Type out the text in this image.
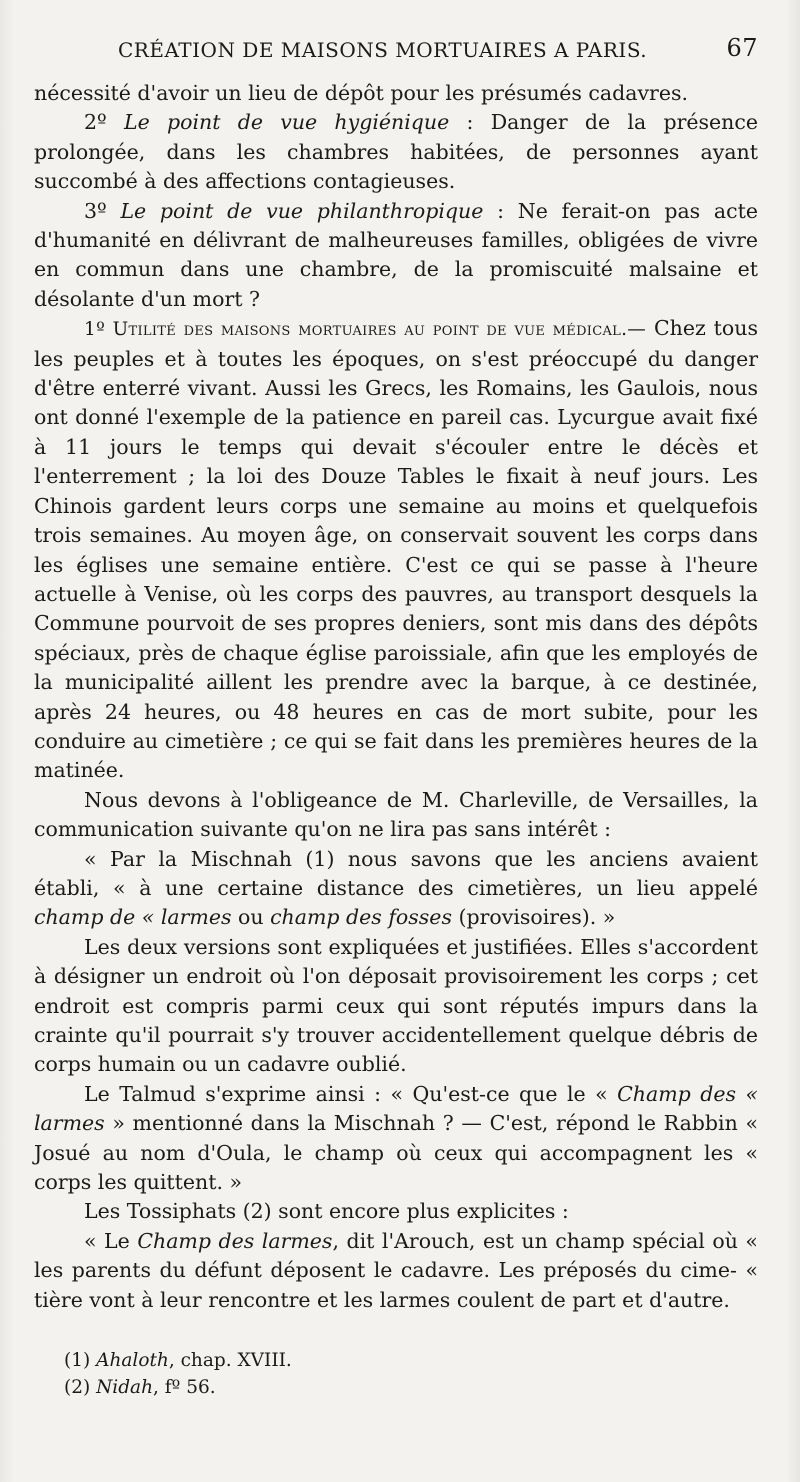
CRÉATION DE MAISONS MORTUAIRES A PARIS.	67

nécessité d'avoir un lieu de dépôt pour les présumés cadavres.

2º Le point de vue hygiénique : Danger de la présence prolongée, dans les chambres habitées, de personnes ayant succombé à des affections contagieuses.

3º Le point de vue philanthropique : Ne ferait-on pas acte d'humanité en délivrant de malheureuses familles, obligées de vivre en commun dans une chambre, de la promiscuité malsaine et désolante d'un mort ?

1º Utilité des maisons mortuaires au point de vue médical.— Chez tous les peuples et à toutes les époques, on s'est préoccupé du danger d'être enterré vivant. Aussi les Grecs, les Romains, les Gaulois, nous ont donné l'exemple de la patience en pareil cas. Lycurgue avait fixé à 11 jours le temps qui devait s'écouler entre le décès et l'enterrement ; la loi des Douze Tables le fixait à neuf jours. Les Chinois gardent leurs corps une semaine au moins et quelquefois trois semaines. Au moyen âge, on conservait souvent les corps dans les églises une semaine entière. C'est ce qui se passe à l'heure actuelle à Venise, où les corps des pauvres, au transport desquels la Commune pourvoit de ses propres deniers, sont mis dans des dépôts spéciaux, près de chaque église paroissiale, afin que les employés de la municipalité aillent les prendre avec la barque, à ce destinée, après 24 heures, ou 48 heures en cas de mort subite, pour les conduire au cimetière ; ce qui se fait dans les premières heures de la matinée.

Nous devons à l'obligeance de M. Charleville, de Versailles, la communication suivante qu'on ne lira pas sans intérêt :

« Par la Mischnah (1) nous savons que les anciens avaient établi, « à une certaine distance des cimetières, un lieu appelé champ de « larmes ou champ des fosses (provisoires). »

Les deux versions sont expliquées et justifiées. Elles s'accordent à désigner un endroit où l'on déposait provisoirement les corps ; cet endroit est compris parmi ceux qui sont réputés impurs dans la crainte qu'il pourrait s'y trouver accidentellement quelque débris de corps humain ou un cadavre oublié.

Le Talmud s'exprime ainsi : « Qu'est-ce que le « Champ des « larmes » mentionné dans la Mischnah ? — C'est, répond le Rabbin « Josué au nom d'Oula, le champ où ceux qui accompagnent les « corps les quittent. »

Les Tossiphats (2) sont encore plus explicites :

« Le Champ des larmes, dit l'Arouch, est un champ spécial où « les parents du défunt déposent le cadavre. Les préposés du cime- « tière vont à leur rencontre et les larmes coulent de part et d'autre.

(1) Ahaloth, chap. XVIII.

(2) Nidah, fº 56.
